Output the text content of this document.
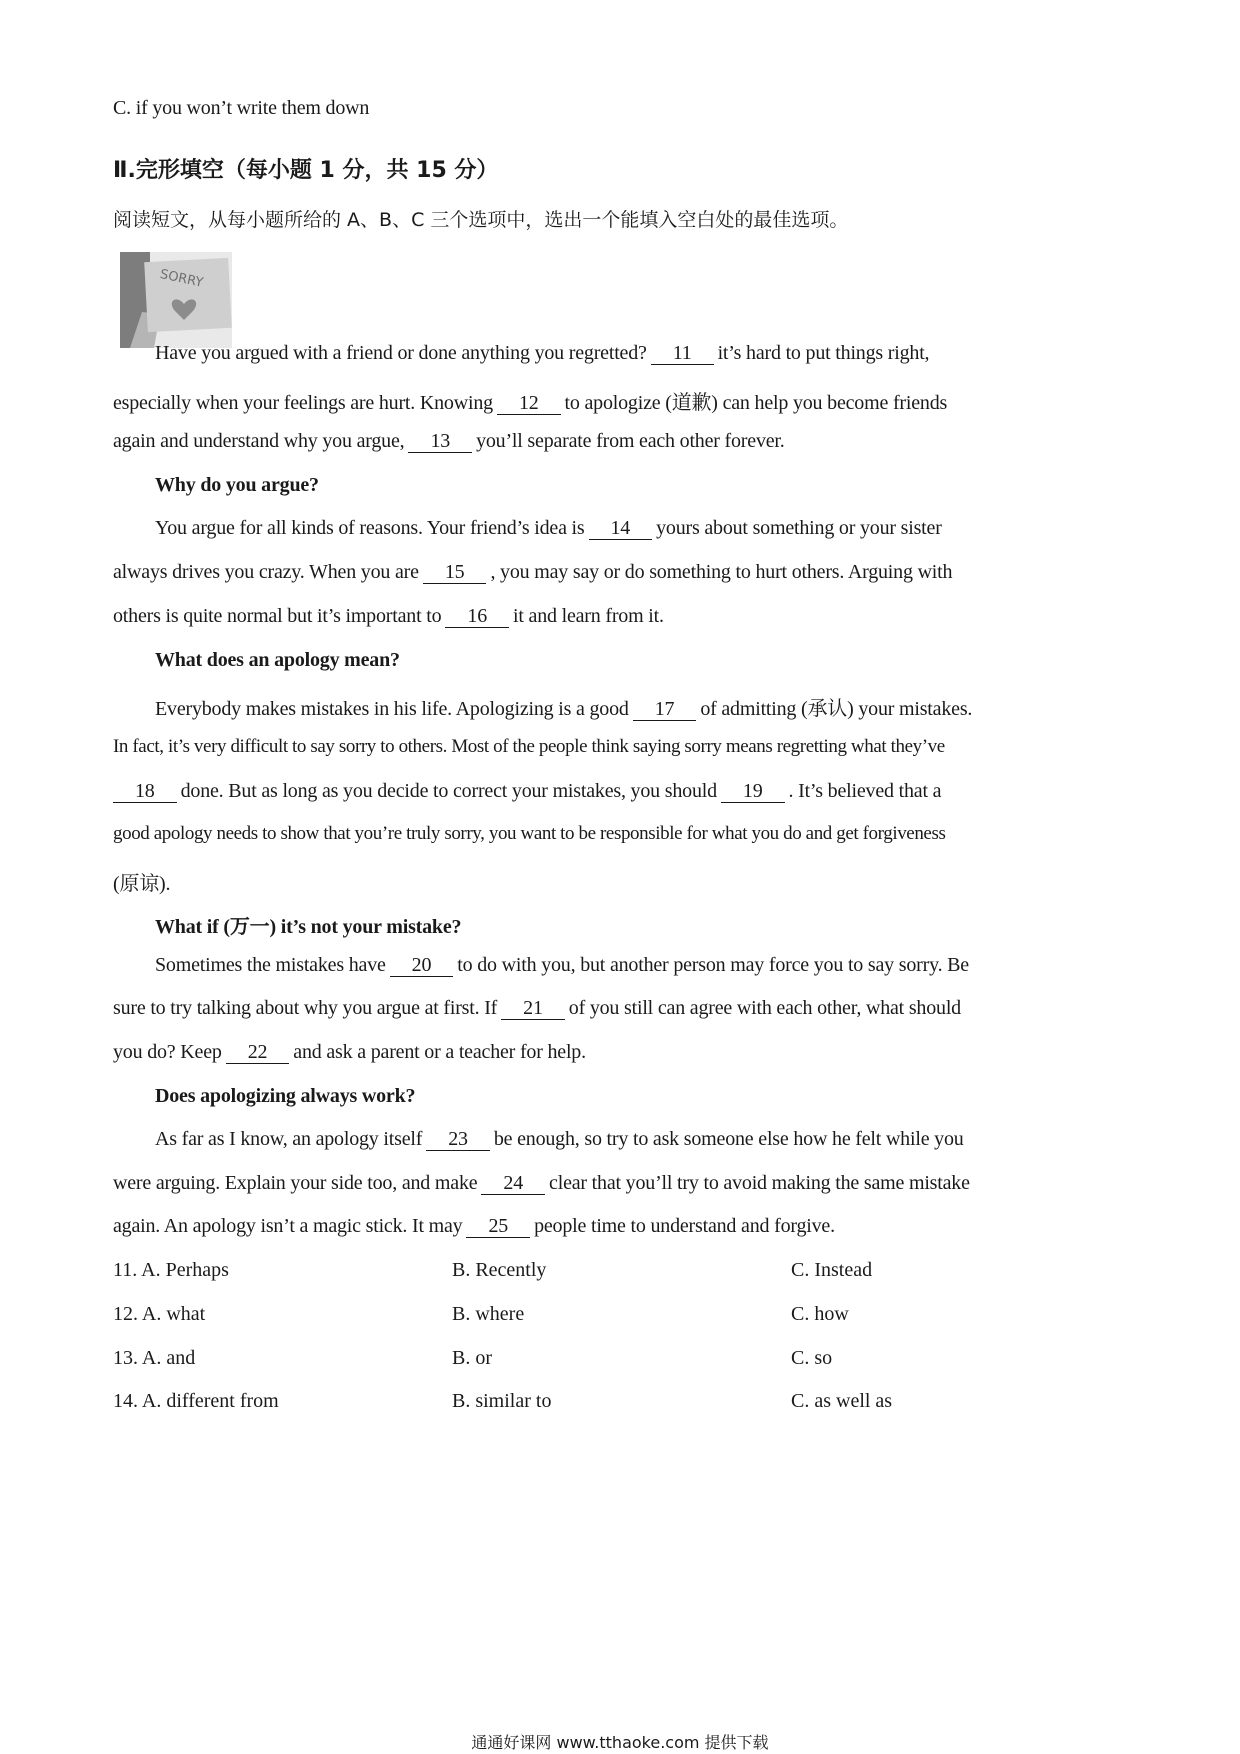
C. if you won’t write them down
Ⅱ.完形填空（每小题 1 分，共 15 分）
阅读短文，从每小题所给的 A、B、C 三个选项中，选出一个能填入空白处的最佳选项。
SORRY
Have you argued with a friend or done anything you regretted? 11 it’s hard to put things right,
especially when your feelings are hurt. Knowing 12 to apologize (道歉) can help you become friends
again and understand why you argue, 13 you’ll separate from each other forever.
Why do you argue?
You argue for all kinds of reasons. Your friend’s idea is 14 yours about something or your sister
always drives you crazy. When you are 15 , you may say or do something to hurt others. Arguing with
others is quite normal but it’s important to 16 it and learn from it.
What does an apology mean?
Everybody makes mistakes in his life. Apologizing is a good 17 of admitting (承认) your mistakes.
In fact, it’s very difficult to say sorry to others. Most of the people think saying sorry means regretting what they’ve
18 done. But as long as you decide to correct your mistakes, you should 19 . It’s believed that a
good apology needs to show that you’re truly sorry, you want to be responsible for what you do and get forgiveness
(原谅).
What if (万一) it’s not your mistake?
Sometimes the mistakes have 20 to do with you, but another person may force you to say sorry. Be
sure to try talking about why you argue at first. If 21 of you still can agree with each other, what should
you do? Keep 22 and ask a parent or a teacher for help.
Does apologizing always work?
As far as I know, an apology itself 23 be enough, so try to ask someone else how he felt while you
were arguing. Explain your side too, and make 24 clear that you’ll try to avoid making the same mistake
again. An apology isn’t a magic stick. It may 25 people time to understand and forgive.
11. A. Perhaps	B. Recently	C. Instead
12. A. what	B. where	C. how
13. A. and	B. or	C. so
14. A. different from	B. similar to	C. as well as
通通好课网 www.tthaoke.com 提供下载
